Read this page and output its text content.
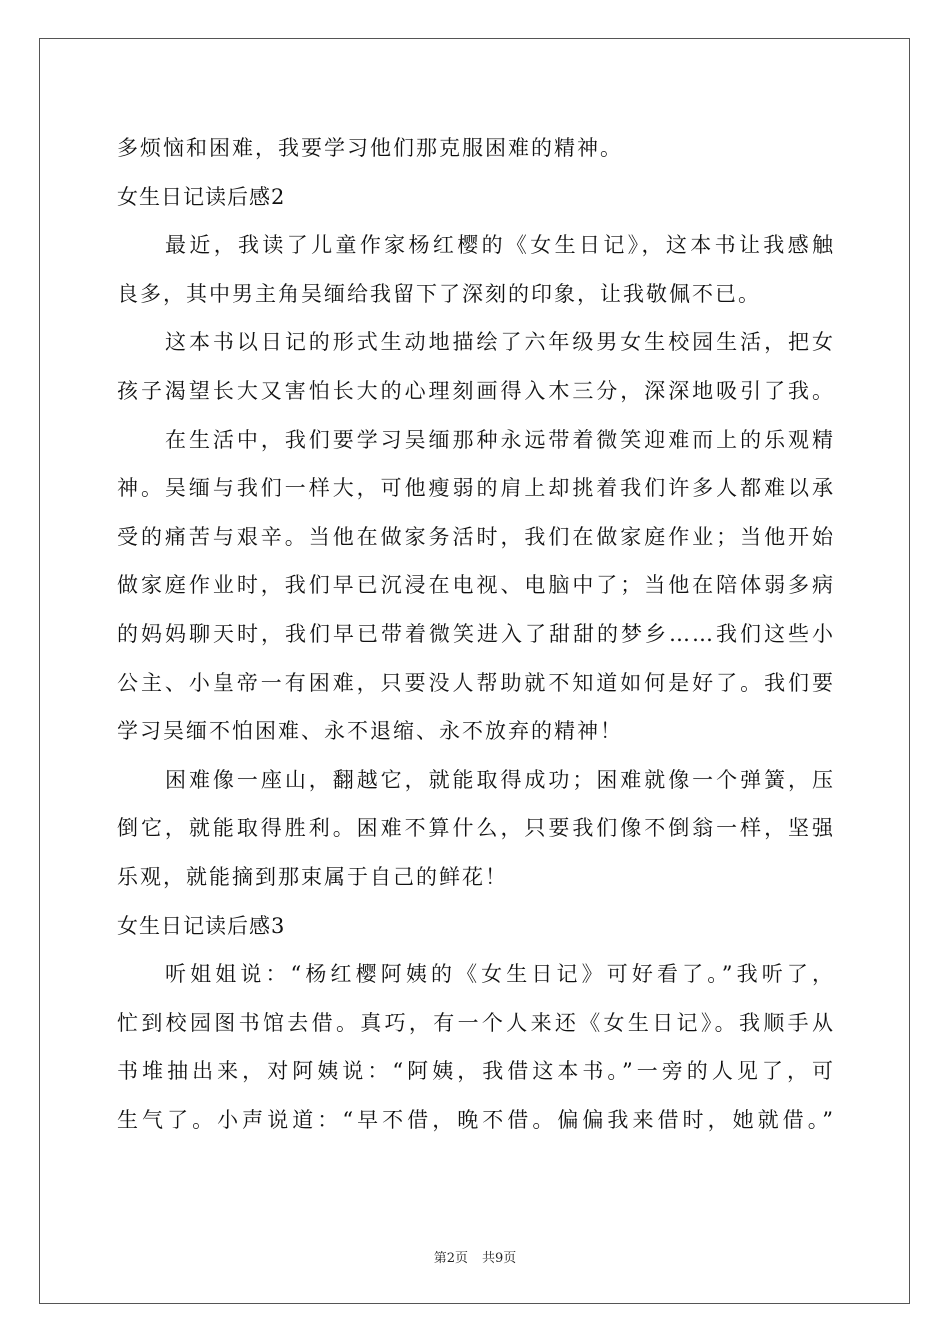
多烦恼和困难，我要学习他们那克服困难的精神。
女生日记读后感2
最近，我读了儿童作家杨红樱的《女生日记》，这本书让我感触
良多，其中男主角吴缅给我留下了深刻的印象，让我敬佩不已。
这本书以日记的形式生动地描绘了六年级男女生校园生活，把女
孩子渴望长大又害怕长大的心理刻画得入木三分，深深地吸引了我。
在生活中，我们要学习吴缅那种永远带着微笑迎难而上的乐观精
神。吴缅与我们一样大，可他瘦弱的肩上却挑着我们许多人都难以承
受的痛苦与艰辛。当他在做家务活时，我们在做家庭作业；当他开始
做家庭作业时，我们早已沉浸在电视、电脑中了；当他在陪体弱多病
的妈妈聊天时，我们早已带着微笑进入了甜甜的梦乡……我们这些小
公主、小皇帝一有困难，只要没人帮助就不知道如何是好了。我们要
学习吴缅不怕困难、永不退缩、永不放弃的精神！
困难像一座山，翻越它，就能取得成功；困难就像一个弹簧，压
倒它，就能取得胜利。困难不算什么，只要我们像不倒翁一样，坚强
乐观，就能摘到那束属于自己的鲜花！
女生日记读后感3
听姐姐说：“杨红樱阿姨的《女生日记》可好看了。”我听了，
忙到校园图书馆去借。真巧，有一个人来还《女生日记》。我顺手从
书堆抽出来，对阿姨说：“阿姨，我借这本书。”一旁的人见了，可
生气了。小声说道：“早不借，晚不借。偏偏我来借时，她就借。”
第2页 共9页
